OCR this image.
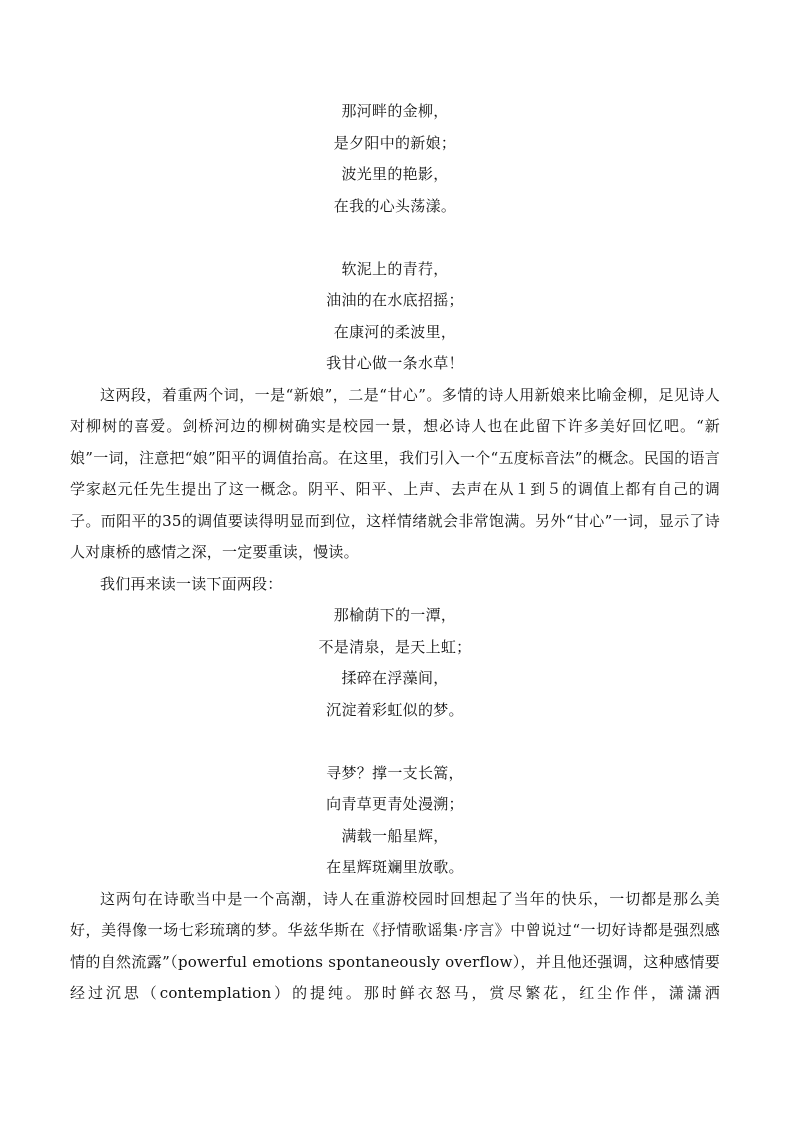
那河畔的金柳，
是夕阳中的新娘；
波光里的艳影，
在我的心头荡漾。
软泥上的青荇，
油油的在水底招摇；
在康河的柔波里，
我甘心做一条水草！

这两段，着重两个词，一是“新娘”，二是“甘心”。多情的诗人用新娘来比喻金柳，足见诗人对柳树的喜爱。剑桥河边的柳树确实是校园一景，想必诗人也在此留下许多美好回忆吧。“新娘”一词，注意把“娘”阳平的调值抬高。在这里，我们引入一个“五度标音法”的概念。民国的语言学家赵元任先生提出了这一概念。阴平、阳平、上声、去声在从１到５的调值上都有自己的调子。而阳平的35的调值要读得明显而到位，这样情绪就会非常饱满。另外“甘心”一词，显示了诗人对康桥的感情之深，一定要重读，慢读。

我们再来读一读下面两段：

那榆荫下的一潭，
不是清泉，是天上虹；
揉碎在浮藻间，
沉淀着彩虹似的梦。
寻梦？撑一支长篙，
向青草更青处漫溯；
满载一船星辉，
在星辉斑斓里放歌。

这两句在诗歌当中是一个高潮，诗人在重游校园时回想起了当年的快乐，一切都是那么美好，美得像一场七彩琉璃的梦。华兹华斯在《抒情歌谣集·序言》中曾说过“一切好诗都是强烈感情的自然流露”（powerful emotions spontaneously overflow），并且他还强调，这种感情要经过沉思（contemplation）的提纯。那时鲜衣怒马，赏尽繁花，红尘作伴，潇潇洒
